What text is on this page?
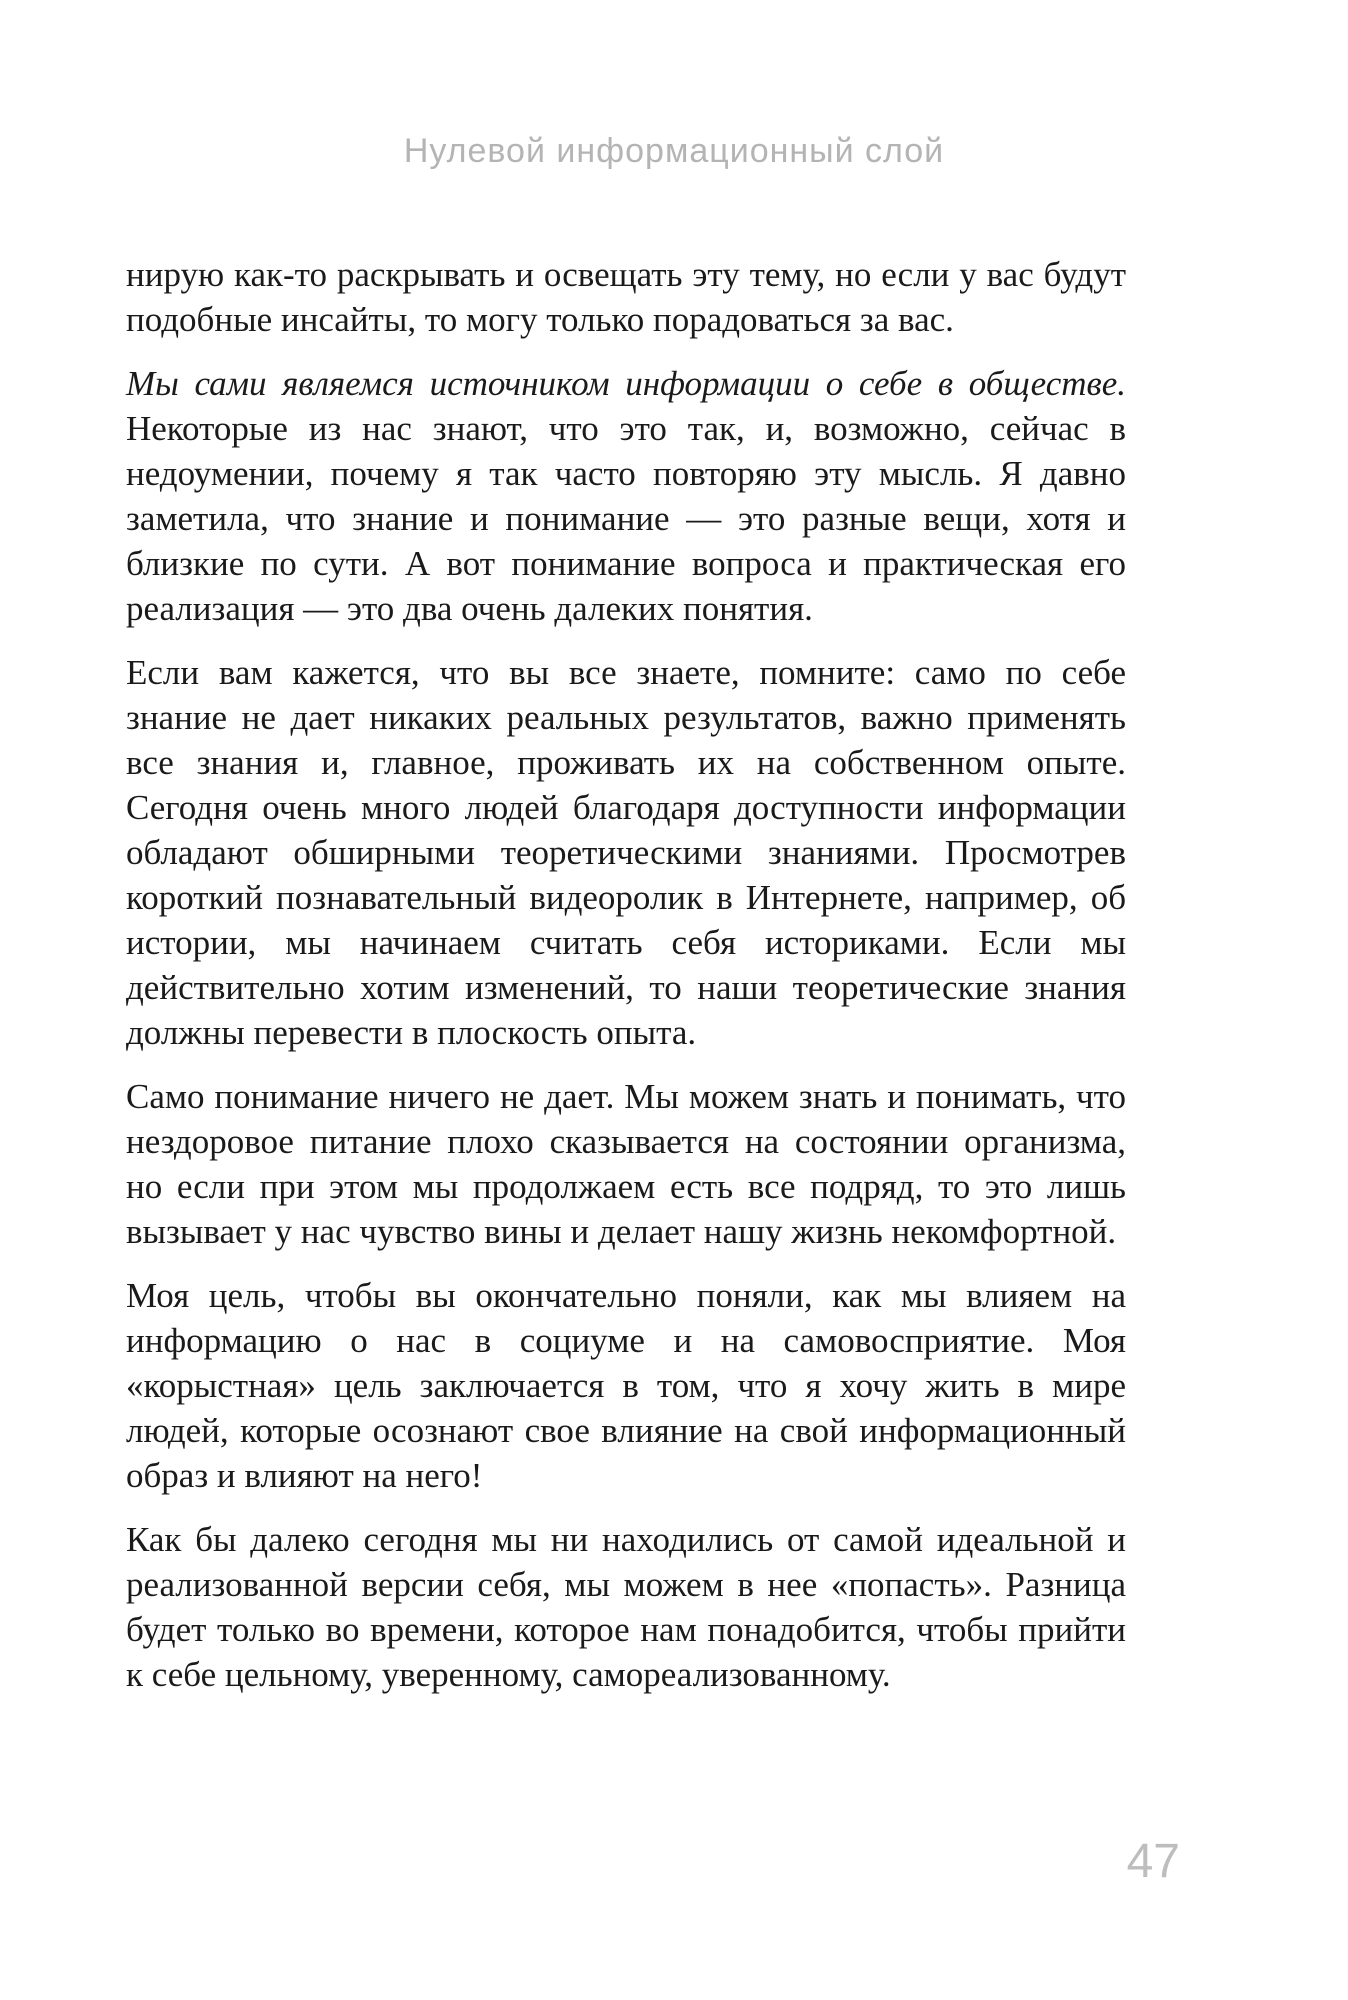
Нулевой информационный слой

нирую как-то раскрывать и освещать эту тему, но если у вас будут подобные инсайты, то могу только порадоваться за вас.

Мы сами являемся источником информации о себе в обществе. Некоторые из нас знают, что это так, и, возможно, сейчас в недоумении, почему я так часто повторяю эту мысль. Я давно заметила, что знание и понимание — это разные вещи, хотя и близкие по сути. А вот понимание вопроса и практическая его реализация — это два очень далеких понятия.

Если вам кажется, что вы все знаете, помните: само по себе знание не дает никаких реальных результатов, важно применять все знания и, главное, проживать их на собственном опыте. Сегодня очень много людей благодаря доступности информации обладают обширными теоретическими знаниями. Просмотрев короткий познавательный видеоролик в Интернете, например, об истории, мы начинаем считать себя историками. Если мы действительно хотим изменений, то наши теоретические знания должны перевести в плоскость опыта.

Само понимание ничего не дает. Мы можем знать и понимать, что нездоровое питание плохо сказывается на состоянии организма, но если при этом мы продолжаем есть все подряд, то это лишь вызывает у нас чувство вины и делает нашу жизнь некомфортной.

Моя цель, чтобы вы окончательно поняли, как мы влияем на информацию о нас в социуме и на самовосприятие. Моя «корыстная» цель заключается в том, что я хочу жить в мире людей, которые осознают свое влияние на свой информационный образ и влияют на него!

Как бы далеко сегодня мы ни находились от самой идеальной и реализованной версии себя, мы можем в нее «попасть». Разница будет только во времени, которое нам понадобится, чтобы прийти к себе цельному, уверенному, самореализованному.

47
